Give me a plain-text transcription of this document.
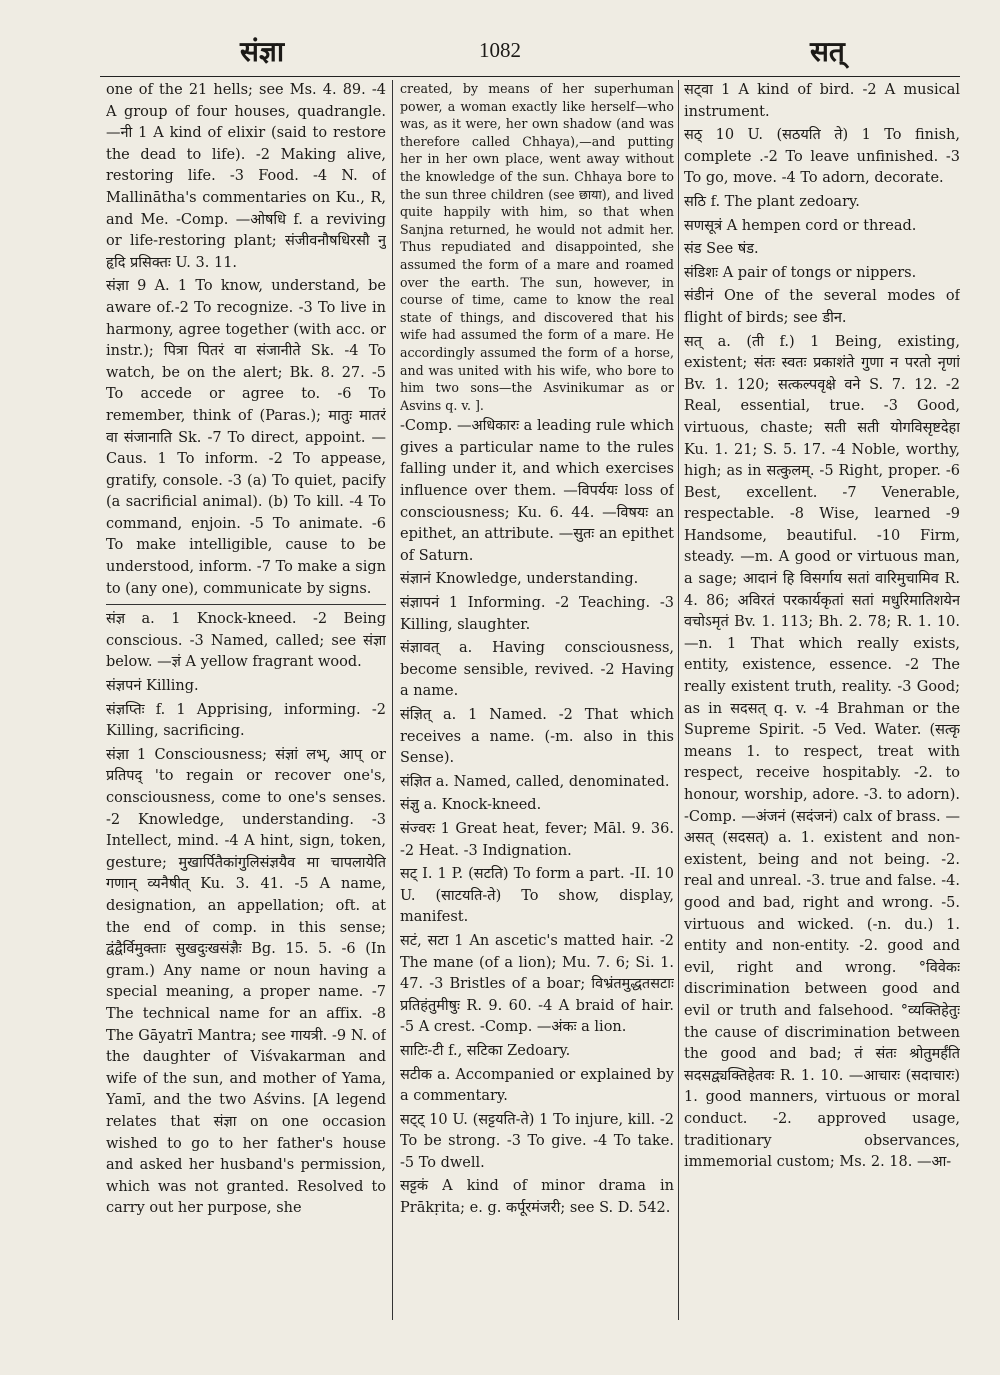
संज्ञा	1082	सत्

one of the 21 hells; see Ms. 4. 89. -4 A group of four houses, quadrangle. —नी 1 A kind of elixir (said to restore the dead to life). -2 Making alive, restoring life. -3 Food. -4 N. of Mallinātha's commentaries on Ku., R, and Me. -Comp. —ओषधि f. a reviving or life-restoring plant; संजीवनौषधिरसौ नु हृदि प्रसिक्तः U. 3. 11.

संज्ञा 9 A. 1 To know, understand, be aware of.-2 To recognize. -3 To live in harmony, agree together (with acc. or instr.); पित्रा पितरं वा संजानीते Sk. -4 To watch, be on the alert; Bk. 8. 27. -5 To accede or agree to. -6 To remember, think of (Paras.); मातुः मातरं वा संजानाति Sk. -7 To direct, appoint. —Caus. 1 To inform. -2 To appease, gratify, console. -3 (a) To quiet, pacify (a sacrificial animal). (b) To kill. -4 To command, enjoin. -5 To animate. -6 To make intelligible, cause to be understood, inform. -7 To make a sign to (any one), communicate by signs.

संज्ञ a. 1 Knock-kneed. -2 Being conscious. -3 Named, called; see संज्ञा below. —ज्ञं A yellow fragrant wood.

संज्ञपनं Killing.

संज्ञप्तिः f. 1 Apprising, informing. -2 Killing, sacrificing.

संज्ञा 1 Consciousness; संज्ञां लभ्, आप् or प्रतिपद् 'to regain or recover one's, consciousness, come to one's senses. -2 Knowledge, understanding. -3 Intellect, mind. -4 A hint, sign, token, gesture; मुखार्पितैकांगुलिसंज्ञयैव मा चापलायेति गणान् व्यनैषीत् Ku. 3. 41. -5 A name, designation, an appellation; oft. at the end of comp. in this sense; द्वंद्वैर्विमुक्ताः सुखदुःखसंज्ञैः Bg. 15. 5. -6 (In gram.) Any name or noun having a special meaning, a proper name. -7 The technical name for an affix. -8 The Gāyatrī Mantra; see गायत्री. -9 N. of the daughter of Viśvakarman and wife of the sun, and mother of Yama, Yamī, and the two Aśvins. [A legend relates that संज्ञा on one occasion wished to go to her father's house and asked her husband's permission, which was not granted. Resolved to carry out her purpose, she

created, by means of her superhuman power, a woman exactly like herself—who was, as it were, her own shadow (and was therefore called Chhaya),—and putting her in her own place, went away without the knowledge of the sun. Chhaya bore to the sun three children (see छाया), and lived quite happily with him, so that when Sanjna returned, he would not admit her. Thus repudiated and disappointed, she assumed the form of a mare and roamed over the earth. The sun, however, in course of time, came to know the real state of things, and discovered that his wife had assumed the form of a mare. He accordingly assumed the form of a horse, and was united with his wife, who bore to him two sons—the Asvinikumar as or Asvins q. v. ].

-Comp. —अधिकारः a leading rule which gives a particular name to the rules falling under it, and which exercises influence over them. —विपर्ययः loss of consciousness; Ku. 6. 44. —विषयः an epithet, an attribute. —सुतः an epithet of Saturn.

संज्ञानं Knowledge, understanding.

संज्ञापनं 1 Informing. -2 Teaching. -3 Killing, slaughter.

संज्ञावत् a. Having consciousness, become sensible, revived. -2 Having a name.

संज्ञित् a. 1 Named. -2 That which receives a name. (-m. also in this Sense).

संज्ञित a. Named, called, denominated.

संज्ञु a. Knock-kneed.

संज्वरः 1 Great heat, fever; Māl. 9. 36. -2 Heat. -3 Indignation.

सट् I. 1 P. (सटति) To form a part. -II. 10 U. (साटयति-ते) To show, display, manifest.

सटं, सटा 1 An ascetic's matted hair. -2 The mane (of a lion); Mu. 7. 6; Si. 1. 47. -3 Bristles of a boar; विभ्रंतमुद्धतसटाः प्रतिहंतुमीषुः R. 9. 60. -4 A braid of hair. -5 A crest. -Comp. —अंकः a lion.

साटिः-टी f., सटिका Zedoary.

सटीक a. Accompanied or explained by a commentary.

सट्ट् 10 U. (सट्टयति-ते) 1 To injure, kill. -2 To be strong. -3 To give. -4 To take. -5 To dwell.

सट्टकं A kind of minor drama in Prākṛita; e. g. कर्पूरमंजरी; see S. D. 542.

सट्वा 1 A kind of bird. -2 A musical instrument.

सठ् 10 U. (सठयति ते) 1 To finish, complete .-2 To leave unfinished. -3 To go, move. -4 To adorn, decorate.

सठि f. The plant zedoary.

सणसूत्रं A hempen cord or thread.

संड See षंड.

संडिशः A pair of tongs or nippers.

संडीनं One of the several modes of flight of birds; see डीन.

सत् a. (ती f.) 1 Being, existing, existent; संतः स्वतः प्रकाशंते गुणा न परतो नृणां Bv. 1. 120; सत्कल्पवृक्षे वने S. 7. 12. -2 Real, essential, true. -3 Good, virtuous, chaste; सती सती योगविसृष्टदेहा Ku. 1. 21; S. 5. 17. -4 Noble, worthy, high; as in सत्कुलम्. -5 Right, proper. -6 Best, excellent. -7 Venerable, respectable. -8 Wise, learned -9 Handsome, beautiful. -10 Firm, steady. —m. A good or virtuous man, a sage; आदानं हि विसर्गाय सतां वारिमुचामिव R. 4. 86; अविरतं परकार्यकृतां सतां मधुरिमातिशयेन वचोऽमृतं Bv. 1. 113; Bh. 2. 78; R. 1. 10. —n. 1 That which really exists, entity, existence, essence. -2 The really existent truth, reality. -3 Good; as in सदसत् q. v. -4 Brahman or the Supreme Spirit. -5 Ved. Water. (सत्कृ means 1. to respect, treat with respect, receive hospitably. -2. to honour, worship, adore. -3. to adorn). -Comp. —अंजनं (सदंजनं) calx of brass. —असत् (सदसत्) a. 1. existent and non-existent, being and not being. -2. real and unreal. -3. true and false. -4. good and bad, right and wrong. -5. virtuous and wicked. (-n. du.) 1. entity and non-entity. -2. good and evil, right and wrong. °विवेकः discrimination between good and evil or truth and falsehood. °व्यक्तिहेतुः the cause of discrimination between the good and bad; तं संतः श्रोतुमर्हंति सदसद्व्यक्तिहेतवः R. 1. 10. —आचारः (सदाचारः) 1. good manners, virtuous or moral conduct. -2. approved usage, traditionary observances, immemorial custom; Ms. 2. 18. —आ-
